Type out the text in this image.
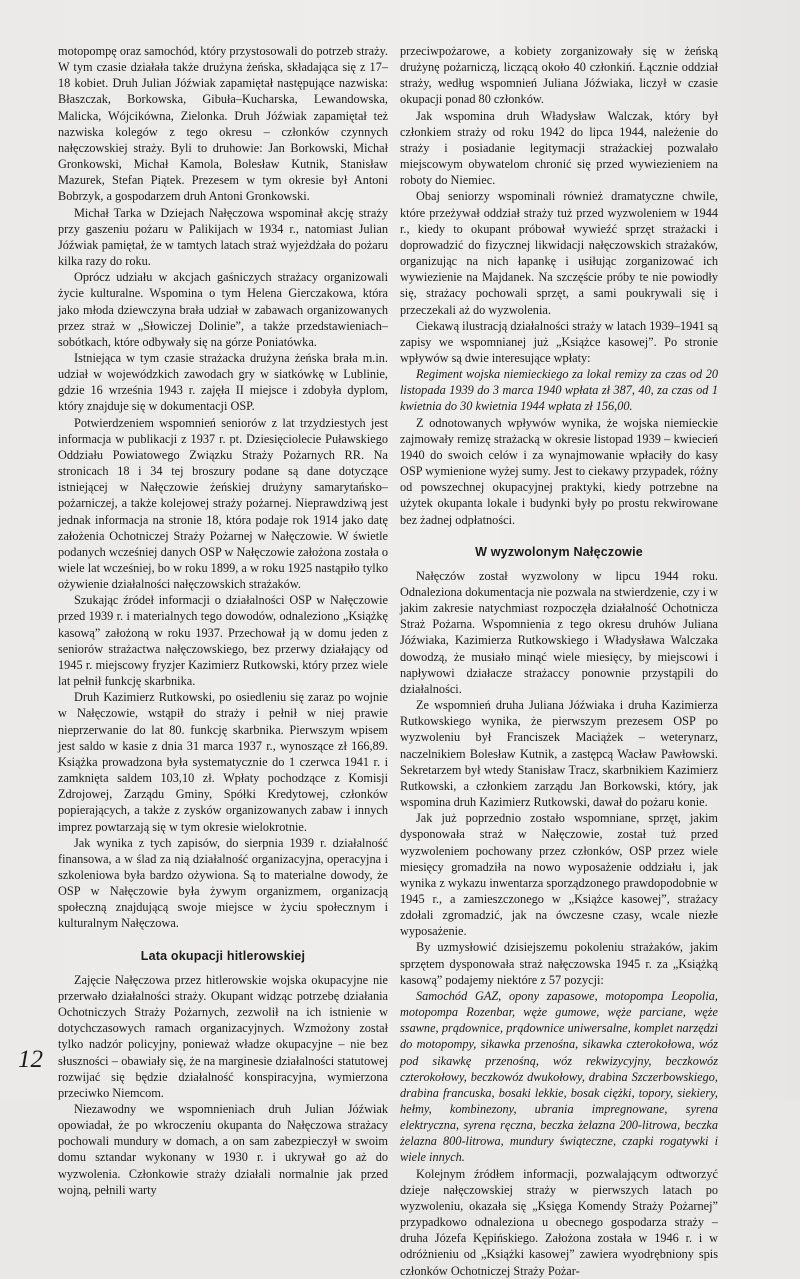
motopompę oraz samochód, który przystosowali do potrzeb straży. W tym czasie działała także drużyna żeńska, składająca się z 17–18 kobiet. Druh Julian Jóźwiak zapamiętał następujące nazwiska: Błaszczak, Borkowska, Gibuła–Kucharska, Lewandowska, Malicka, Wójcikówna, Zielonka. Druh Jóźwiak zapamiętał też nazwiska kolegów z tego okresu – członków czynnych nałęczowskiej straży. Byli to druhowie: Jan Borkowski, Michał Gronkowski, Michał Kamola, Bolesław Kutnik, Stanisław Mazurek, Stefan Piątek. Prezesem w tym okresie był Antoni Bobrzyk, a gospodarzem druh Antoni Gronkowski.

Michał Tarka w Dziejach Nałęczowa wspominał akcję straży przy gaszeniu pożaru w Palikijach w 1934 r., natomiast Julian Jóźwiak pamiętał, że w tamtych latach straż wyjeżdżała do pożaru kilka razy do roku.

Oprócz udziału w akcjach gaśniczych strażacy organizowali życie kulturalne. Wspomina o tym Helena Gierczakowa, która jako młoda dziewczyna brała udział w zabawach organizowanych przez straż w „Słowiczej Dolinie”, a także przedstawieniach–sobótkach, które odbywały się na górze Poniatówka.

Istniejąca w tym czasie strażacka drużyna żeńska brała m.in. udział w wojewódzkich zawodach gry w siatkówkę w Lublinie, gdzie 16 września 1943 r. zajęła II miejsce i zdobyła dyplom, który znajduje się w dokumentacji OSP.

Potwierdzeniem wspomnień seniorów z lat trzydziestych jest informacja w publikacji z 1937 r. pt. Dziesięciolecie Puławskiego Oddziału Powiatowego Związku Straży Pożarnych RR. Na stronicach 18 i 34 tej broszury podane są dane dotyczące istniejącej w Nałęczowie żeńskiej drużyny samarytańsko–pożarniczej, a także kolejowej straży pożarnej. Nieprawdziwą jest jednak informacja na stronie 18, która podaje rok 1914 jako datę założenia Ochotniczej Straży Pożarnej w Nałęczowie. W świetle podanych wcześniej danych OSP w Nałęczowie założona została o wiele lat wcześniej, bo w roku 1899, a w roku 1925 nastąpiło tylko ożywienie działalności nałęczowskich strażaków.

Szukając źródeł informacji o działalności OSP w Nałęczowie przed 1939 r. i materialnych tego dowodów, odnaleziono „Książkę kasową” założoną w roku 1937. Przechował ją w domu jeden z seniorów strażactwa nałęczowskiego, bez przerwy działający od 1945 r. miejscowy fryzjer Kazimierz Rutkowski, który przez wiele lat pełnił funkcję skarbnika.

Druh Kazimierz Rutkowski, po osiedleniu się zaraz po wojnie w Nałęczowie, wstąpił do straży i pełnił w niej prawie nieprzerwanie do lat 80. funkcję skarbnika. Pierwszym wpisem jest saldo w kasie z dnia 31 marca 1937 r., wynoszące zł 166,89. Książka prowadzona była systematycznie do 1 czerwca 1941 r. i zamknięta saldem 103,10 zł. Wpłaty pochodzące z Komisji Zdrojowej, Zarządu Gminy, Spółki Kredytowej, członków popierających, a także z zysków organizowanych zabaw i innych imprez powtarzają się w tym okresie wielokrotnie.

Jak wynika z tych zapisów, do sierpnia 1939 r. działalność finansowa, a w ślad za nią działalność organizacyjna, operacyjna i szkoleniowa była bardzo ożywiona. Są to materialne dowody, że OSP w Nałęczowie była żywym organizmem, organizacją społeczną znajdującą swoje miejsce w życiu społecznym i kulturalnym Nałęczowa.

Lata okupacji hitlerowskiej

Zajęcie Nałęczowa przez hitlerowskie wojska okupacyjne nie przerwało działalności straży. Okupant widząc potrzebę działania Ochotniczych Straży Pożarnych, zezwolił na ich istnienie w dotychczasowych ramach organizacyjnych. Wzmożony został tylko nadzór policyjny, ponieważ władze okupacyjne – nie bez słuszności – obawiały się, że na marginesie działalności statutowej rozwijać się będzie działalność konspiracyjna, wymierzona przeciwko Niemcom.

Niezawodny we wspomnieniach druh Julian Jóźwiak opowiadał, że po wkroczeniu okupanta do Nałęczowa strażacy pochowali mundury w domach, a on sam zabezpieczył w swoim domu sztandar wykonany w 1930 r. i ukrywał go aż do wyzwolenia. Członkowie straży działali normalnie jak przed wojną, pełnili warty

przeciwpożarowe, a kobiety zorganizowały się w żeńską drużynę pożarniczą, liczącą około 40 członkiń. Łącznie oddział straży, według wspomnień Juliana Jóźwiaka, liczył w czasie okupacji ponad 80 członków.

Jak wspomina druh Władysław Walczak, który był członkiem straży od roku 1942 do lipca 1944, należenie do straży i posiadanie legitymacji strażackiej pozwalało miejscowym obywatelom chronić się przed wywiezieniem na roboty do Niemiec.

Obaj seniorzy wspominali również dramatyczne chwile, które przeżywał oddział straży tuż przed wyzwoleniem w 1944 r., kiedy to okupant próbował wywieźć sprzęt strażacki i doprowadzić do fizycznej likwidacji nałęczowskich strażaków, organizując na nich łapankę i usiłując zorganizować ich wywiezienie na Majdanek. Na szczęście próby te nie powiodły się, strażacy pochowali sprzęt, a sami poukrywali się i przeczekali aż do wyzwolenia.

Ciekawą ilustracją działalności straży w latach 1939–1941 są zapisy we wspomnianej już „Książce kasowej”. Po stronie wpływów są dwie interesujące wpłaty:

Regiment wojska niemieckiego za lokal remizy za czas od 20 listopada 1939 do 3 marca 1940 wpłata zł 387, 40, za czas od 1 kwietnia do 30 kwietnia 1944 wpłata zł 156,00.

Z odnotowanych wpływów wynika, że wojska niemieckie zajmowały remizę strażacką w okresie listopad 1939 – kwiecień 1940 do swoich celów i za wynajmowanie wpłaciły do kasy OSP wymienione wyżej sumy. Jest to ciekawy przypadek, różny od powszechnej okupacyjnej praktyki, kiedy potrzebne na użytek okupanta lokale i budynki były po prostu rekwirowane bez żadnej odpłatności.

W wyzwolonym Nałęczowie

Nałęczów został wyzwolony w lipcu 1944 roku. Odnaleziona dokumentacja nie pozwala na stwierdzenie, czy i w jakim zakresie natychmiast rozpoczęła działalność Ochotnicza Straż Pożarna. Wspomnienia z tego okresu druhów Juliana Jóźwiaka, Kazimierza Rutkowskiego i Władysława Walczaka dowodzą, że musiało minąć wiele miesięcy, by miejscowi i napływowi działacze strażaccy ponownie przystąpili do działalności.

Ze wspomnień druha Juliana Jóźwiaka i druha Kazimierza Rutkowskiego wynika, że pierwszym prezesem OSP po wyzwoleniu był Franciszek Maciążek – weterynarz, naczelnikiem Bolesław Kutnik, a zastępcą Wacław Pawłowski. Sekretarzem był wtedy Stanisław Tracz, skarbnikiem Kazimierz Rutkowski, a członkiem zarządu Jan Borkowski, który, jak wspomina druh Kazimierz Rutkowski, dawał do pożaru konie.

Jak już poprzednio zostało wspomniane, sprzęt, jakim dysponowała straż w Nałęczowie, został tuż przed wyzwoleniem pochowany przez członków, OSP przez wiele miesięcy gromadziła na nowo wyposażenie oddziału i, jak wynika z wykazu inwentarza sporządzonego prawdopodobnie w 1945 r., a zamieszczonego w „Książce kasowej”, strażacy zdołali zgromadzić, jak na ówczesne czasy, wcale niezłe wyposażenie.

By uzmysłowić dzisiejszemu pokoleniu strażaków, jakim sprzętem dysponowała straż nałęczowska 1945 r. za „Książką kasową” podajemy niektóre z 57 pozycji:

Samochód GAZ, opony zapasowe, motopompa Leopolia, motopompa Rozenbar, węże gumowe, węże parciane, węże ssawne, prądownice, prądownice uniwersalne, komplet narzędzi do motopompy, sikawka przenośna, sikawka czterokołowa, wóz pod sikawkę przenośną, wóz rekwizycyjny, beczkowóz czterokołowy, beczkowóz dwukołowy, drabina Szczerbowskiego, drabina francuska, bosaki lekkie, bosak ciężki, topory, siekiery, hełmy, kombinezony, ubrania impregnowane, syrena elektryczna, syrena ręczna, beczka żelazna 200-litrowa, beczka żelazna 800-litrowa, mundury świąteczne, czapki rogatywki i wiele innych.

Kolejnym źródłem informacji, pozwalającym odtworzyć dzieje nałęczowskiej straży w pierwszych latach po wyzwoleniu, okazała się „Księga Komendy Straży Pożarnej” przypadkowo odnaleziona u obecnego gospodarza straży – druha Józefa Kępińskiego. Założona została w 1946 r. i w odróżnieniu od „Książki kasowej” zawiera wyodrębniony spis członków Ochotniczej Straży Pożar-

12
